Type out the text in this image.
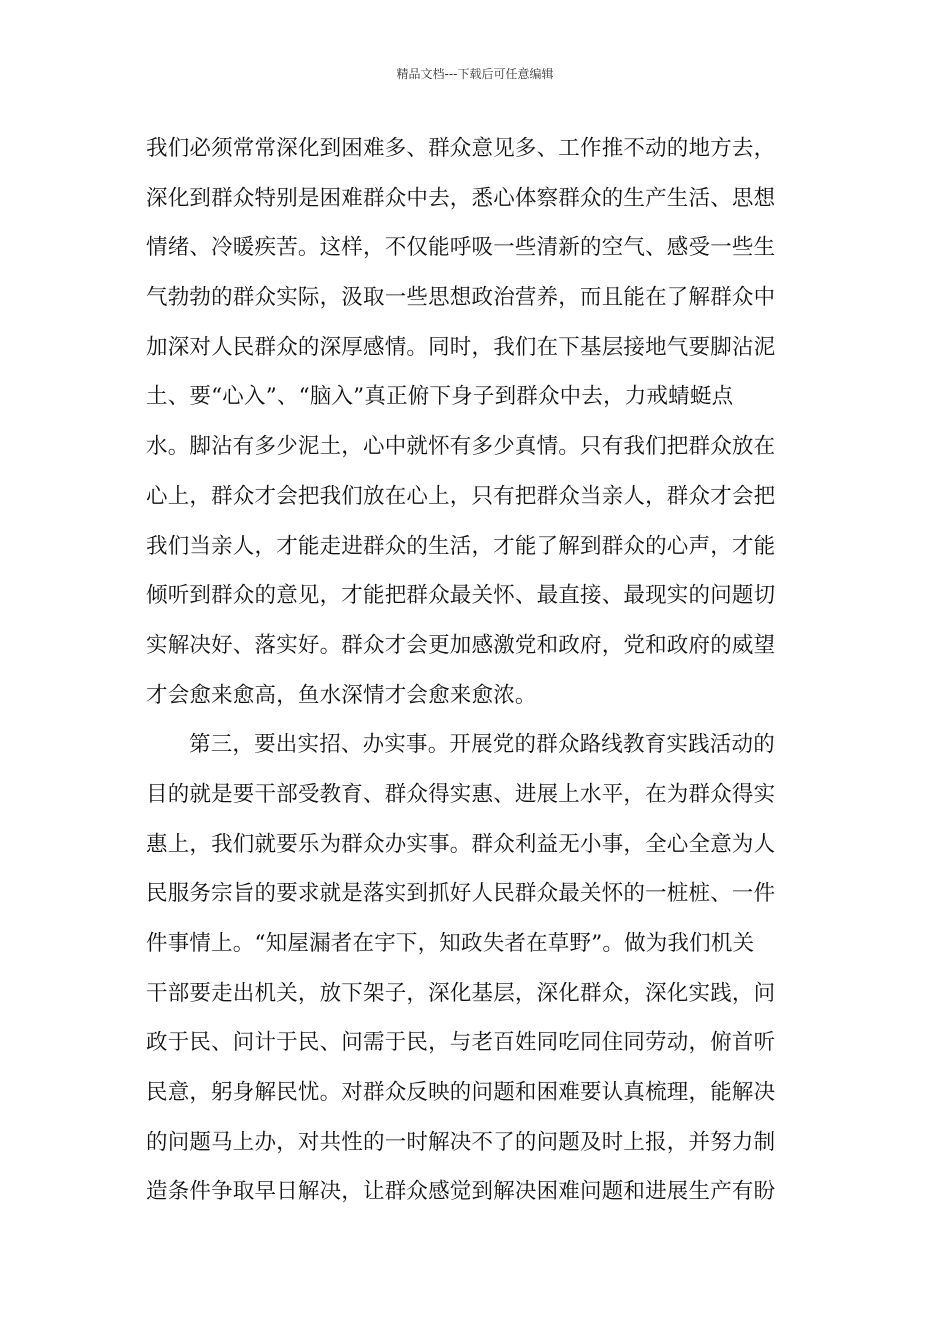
精品文档---下载后可任意编辑
我们必须常常深化到困难多、群众意见多、工作推不动的地方去，
深化到群众特别是困难群众中去，悉心体察群众的生产生活、思想
情绪、冷暖疾苦。这样，不仅能呼吸一些清新的空气、感受一些生
气勃勃的群众实际，汲取一些思想政治营养，而且能在了解群众中
加深对人民群众的深厚感情。同时，我们在下基层接地气要脚沾泥
土、要“心入”、“脑入”真正俯下身子到群众中去，力戒蜻蜓点
水。脚沾有多少泥土，心中就怀有多少真情。只有我们把群众放在
心上，群众才会把我们放在心上，只有把群众当亲人，群众才会把
我们当亲人，才能走进群众的生活，才能了解到群众的心声，才能
倾听到群众的意见，才能把群众最关怀、最直接、最现实的问题切
实解决好、落实好。群众才会更加感激党和政府，党和政府的威望
才会愈来愈高，鱼水深情才会愈来愈浓。
第三，要出实招、办实事。开展党的群众路线教育实践活动的
目的就是要干部受教育、群众得实惠、进展上水平，在为群众得实
惠上，我们就要乐为群众办实事。群众利益无小事，全心全意为人
民服务宗旨的要求就是落实到抓好人民群众最关怀的一桩桩、一件
件事情上。“知屋漏者在宇下，知政失者在草野”。做为我们机关
干部要走出机关，放下架子，深化基层，深化群众，深化实践，问
政于民、问计于民、问需于民，与老百姓同吃同住同劳动，俯首听
民意，躬身解民忧。对群众反映的问题和困难要认真梳理，能解决
的问题马上办，对共性的一时解决不了的问题及时上报，并努力制
造条件争取早日解决，让群众感觉到解决困难问题和进展生产有盼
